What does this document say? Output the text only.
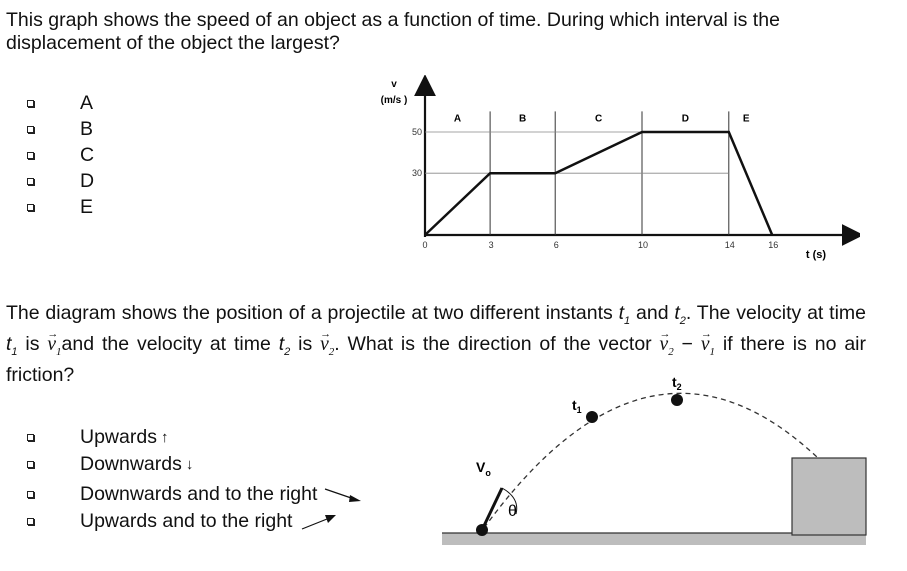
This graph shows the speed of an object as a function of time. During which interval is the displacement of the object the largest?

A
B
C
D
E
v
(m/s )
t (s)
30
50
0	3	6	10	14	16
A	B	C	D	E

The diagram shows the position of a projectile at two different instants $t_1$ and $t_2$. The velocity at time $t_1$ is → $v_1and$ the velocity at time $t_2$ is → $v_2$. What is the direction of the vector → $v_2$ − → $v_1$ if there is no air friction?

Upwards ↑
Downwards ↓
Downwards and to the right
Upwards and to the right
$t_1$
$t_2$
$V_o$
θ
